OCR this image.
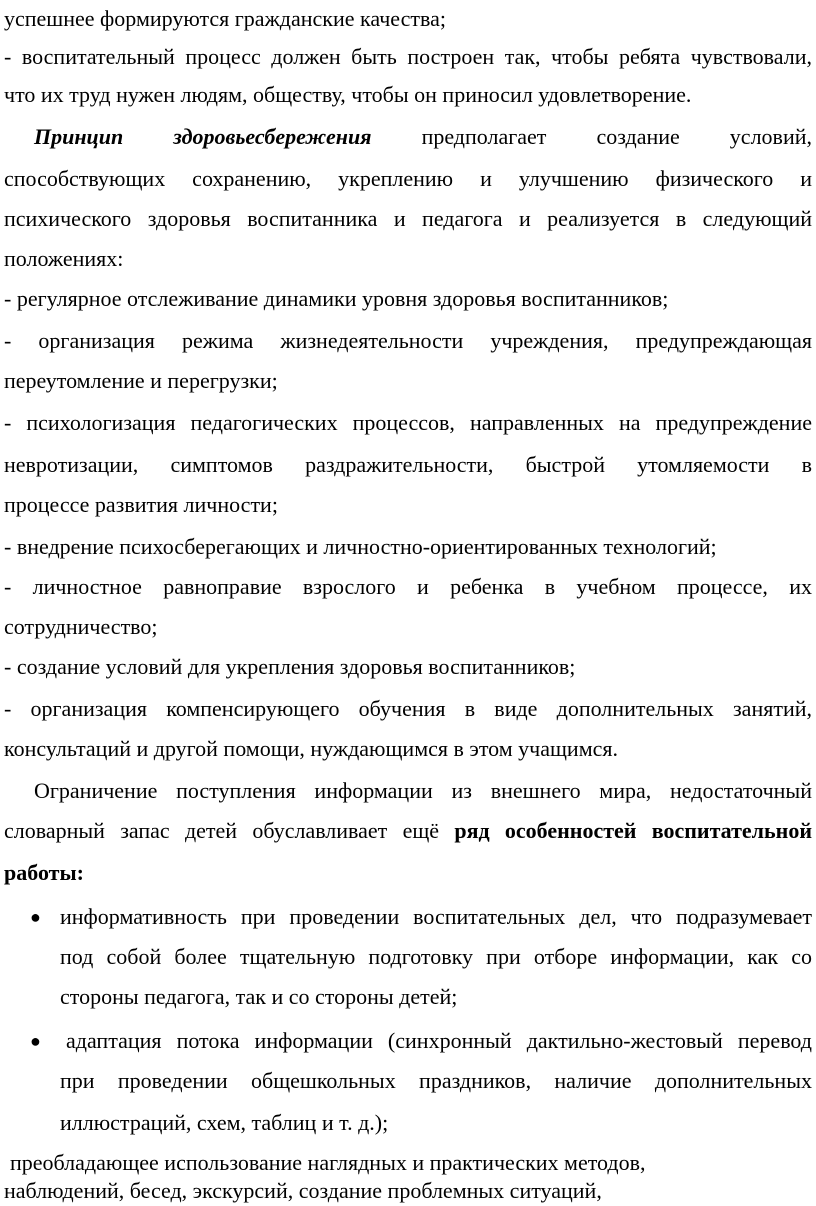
успешнее формируются гражданские качества;
- воспитательный процесс должен быть построен так, чтобы ребята чувствовали,
что их труд нужен людям, обществу, чтобы он приносил удовлетворение.
Принцип здоровьесбережения предполагает создание условий,
способствующих сохранению, укреплению и улучшению физического и
психического здоровья воспитанника и педагога и реализуется в следующий
положениях:
- регулярное отслеживание динамики уровня здоровья воспитанников;
- организация режима жизнедеятельности учреждения, предупреждающая
переутомление и перегрузки;
- психологизация педагогических процессов, направленных на предупреждение
невротизации, симптомов раздражительности, быстрой утомляемости в
процессе развития личности;
- внедрение психосберегающих и личностно-ориентированных технологий;
- личностное равноправие взрослого и ребенка в учебном процессе, их
сотрудничество;
- создание условий для укрепления здоровья воспитанников;
- организация компенсирующего обучения в виде дополнительных занятий,
консультаций и другой помощи, нуждающимся в этом учащимся.
Ограничение поступления информации из внешнего мира, недостаточный
словарный запас детей обуславливает ещё ряд особенностей воспитательной
работы:
● информативность при проведении воспитательных дел, что подразумевает
под собой более тщательную подготовку при отборе информации, как со
стороны педагога, так и со стороны детей;
● адаптация потока информации (синхронный дактильно-жестовый перевод
при проведении общешкольных праздников, наличие дополнительных
иллюстраций, схем, таблиц и т. д.);
преобладающее использование наглядных и практических методов,
наблюдений, бесед, экскурсий, создание проблемных ситуаций,
